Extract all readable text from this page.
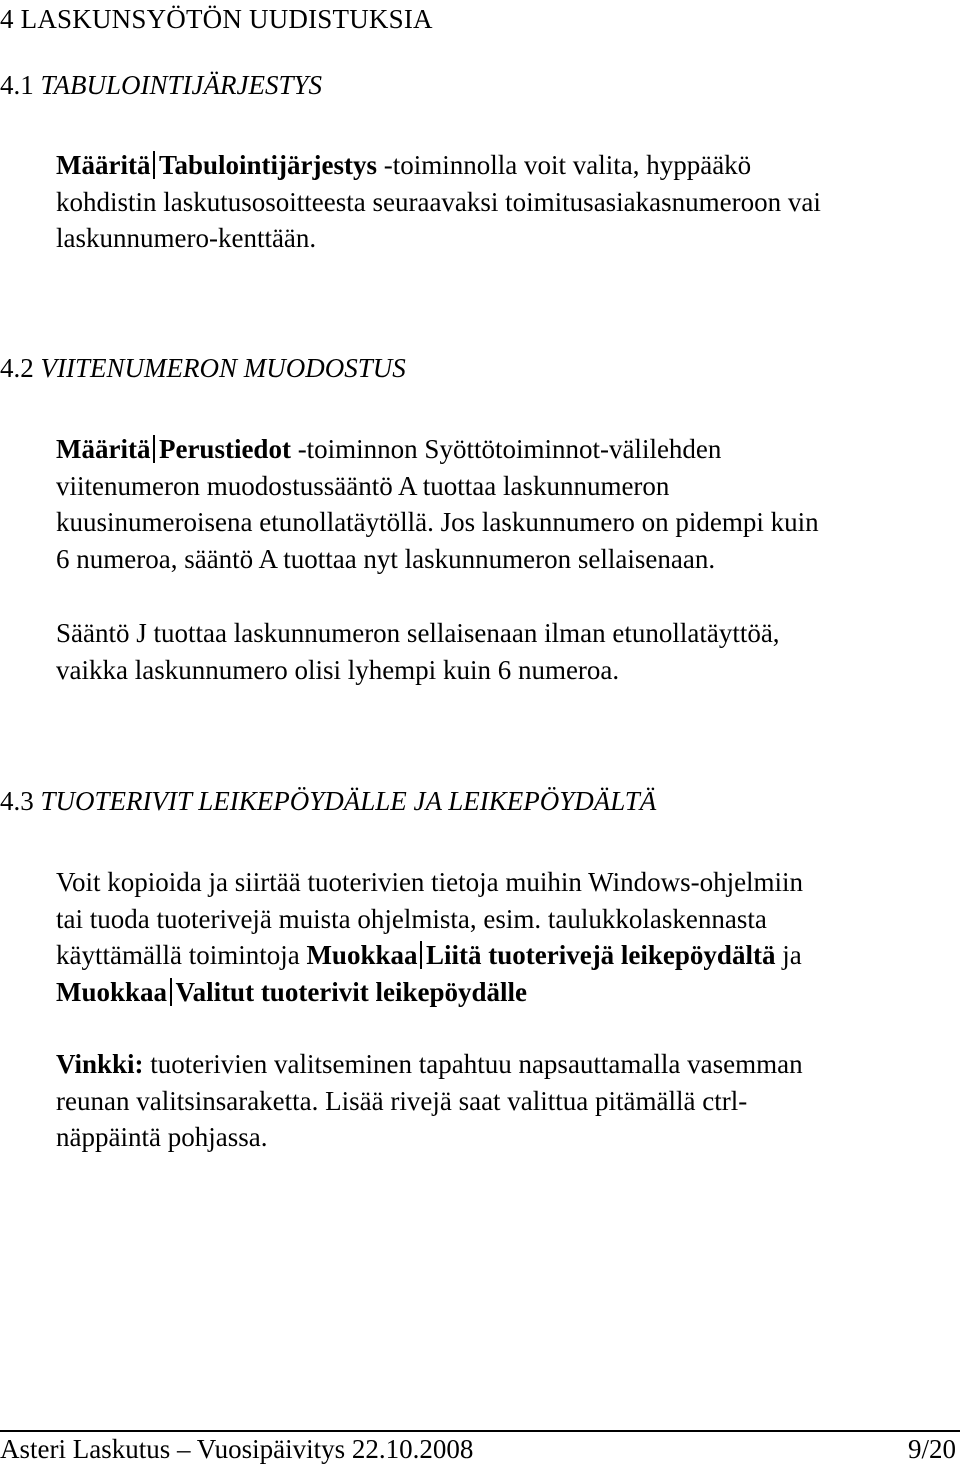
4 LASKUNSYÖTÖN UUDISTUKSIA
4.1 TABULOINTIJÄRJESTYS

Määritä Tabulointijärjestys -toiminnolla voit valita, hyppääkö

kohdistin laskutusosoitteesta seuraavaksi toimitusasiakasnumeroon vai

laskunnumero-kenttään.

4.2 VIITENUMERON MUODOSTUS

Määritä Perustiedot -toiminnon Syöttötoiminnot-välilehden

viitenumeron muodostussääntö A tuottaa laskunnumeron

kuusinumeroisena etunollatäytöllä. Jos laskunnumero on pidempi kuin

6 numeroa, sääntö A tuottaa nyt laskunnumeron sellaisenaan.

Sääntö J tuottaa laskunnumeron sellaisenaan ilman etunollatäyttöä,

vaikka laskunnumero olisi lyhempi kuin 6 numeroa.

4.3 TUOTERIVIT LEIKEPÖYDÄLLE JA LEIKEPÖYDÄLTÄ

Voit kopioida ja siirtää tuoterivien tietoja muihin Windows-ohjelmiin

tai tuoda tuoterivejä muista ohjelmista, esim. taulukkolaskennasta

käyttämällä toimintoja Muokkaa Liitä tuoterivejä leikepöydältä ja

Muokkaa Valitut tuoterivit leikepöydälle

Vinkki: tuoterivien valitseminen tapahtuu napsauttamalla vasemman

reunan valitsinsaraketta. Lisää rivejä saat valittua pitämällä ctrl-

näppäintä pohjassa.

Asteri Laskutus – Vuosipäivitys 22.10.2008	9/20
